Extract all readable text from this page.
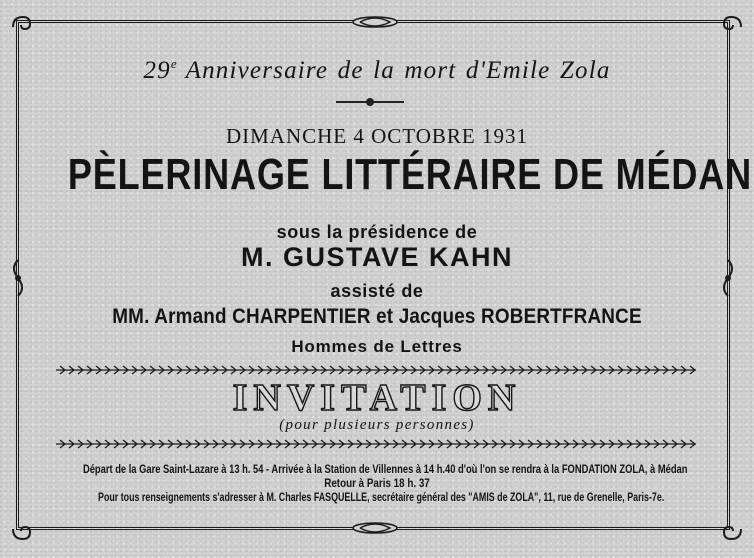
29e Anniversaire de la mort d'Emile Zola
DIMANCHE 4 OCTOBRE 1931
PÈLERINAGE LITTÉRAIRE DE MÉDAN
sous la présidence de
M. GUSTAVE KAHN
assisté de
MM. Armand CHARPENTIER et Jacques ROBERTFRANCE
Hommes de Lettres
INVITATION
(pour plusieurs personnes)
Départ de la Gare Saint-Lazare à 13 h. 54 - Arrivée à la Station de Villennes à 14 h.40 d'où l'on se rendra à la FONDATION ZOLA, à Médan
Retour à Paris 18 h. 37
Pour tous renseignements s'adresser à M. Charles FASQUELLE, secrétaire général des "AMIS de ZOLA", 11, rue de Grenelle, Paris-7e.
